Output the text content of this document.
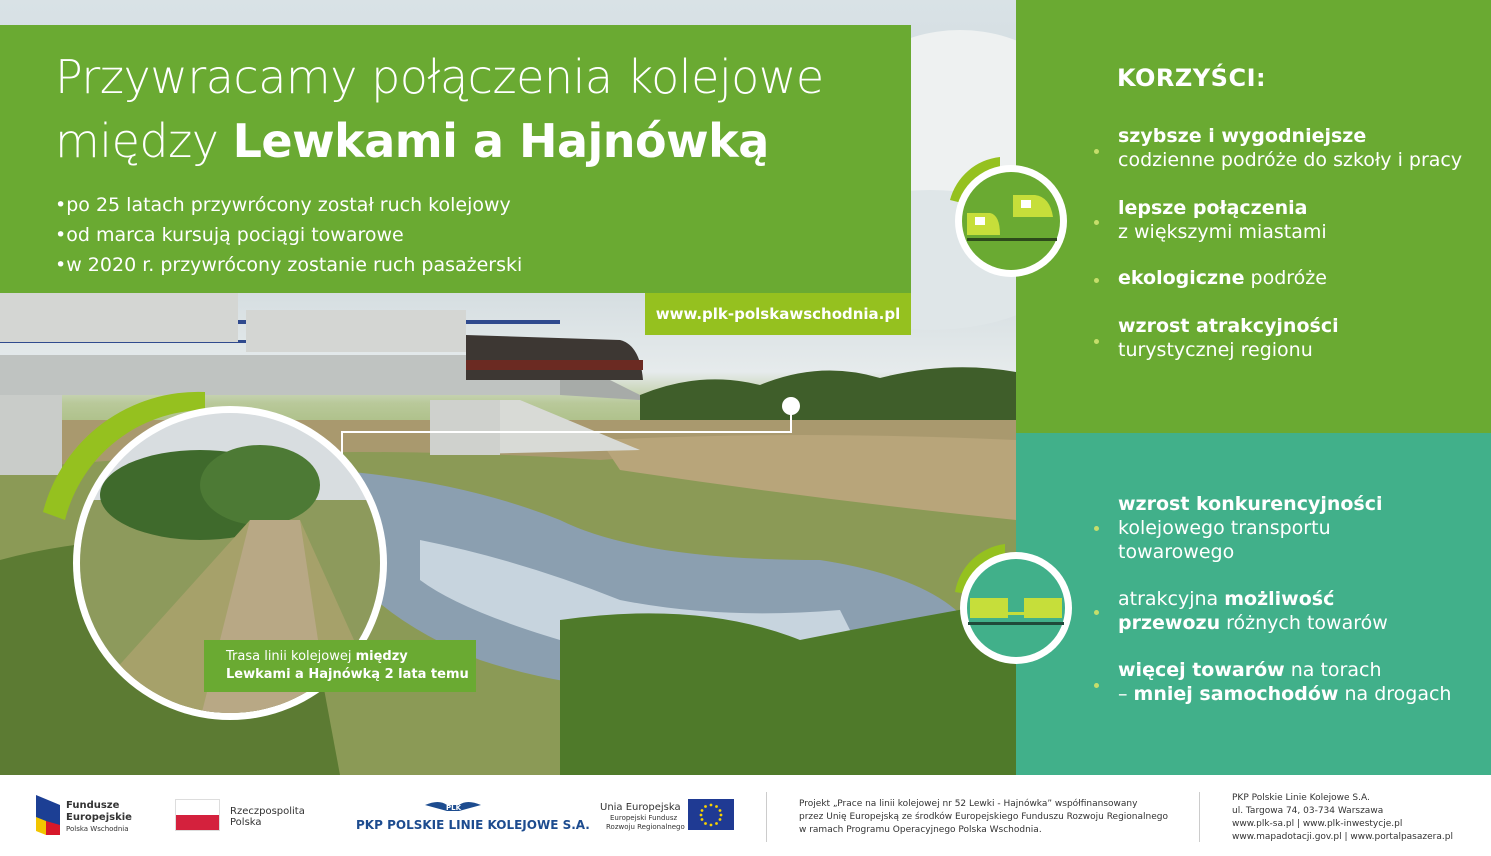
Przywracamy połączenia kolejowe
między Lewkami a Hajnówką
• po 25 latach przywrócony został ruch kolejowy
• od marca kursują pociągi towarowe
• w 2020 r. przywrócony zostanie ruch pasażerski
www.plk-polskawschodnia.pl
Trasa linii kolejowej między
Lewkami a Hajnówką 2 lata temu
KORZYŚCI:
szybsze i wygodniejsze
codzienne podróże do szkoły i pracy
lepsze połączenia
z większymi miastami
ekologiczne podróże
wzrost atrakcyjności
turystycznej regionu
wzrost konkurencyjności
kolejowego transportu
towarowego
atrakcyjna możliwość
przewozu różnych towarów
więcej towarów na torach
– mniej samochodów na drogach
Fundusze
Europejskie
Polska Wschodnia
Rzeczpospolita
Polska
PLK
PKP POLSKIE LINIE KOLEJOWE S.A.
Unia Europejska
Europejski Fundusz
Rozwoju Regionalnego
Projekt „Prace na linii kolejowej nr 52 Lewki - Hajnówka” współfinansowany
przez Unię Europejską ze środków Europejskiego Funduszu Rozwoju Regionalnego
w ramach Programu Operacyjnego Polska Wschodnia.
PKP Polskie Linie Kolejowe S.A.
ul. Targowa 74, 03-734 Warszawa
www.plk-sa.pl | www.plk-inwestycje.pl
www.mapadotacji.gov.pl | www.portalpasazera.pl
